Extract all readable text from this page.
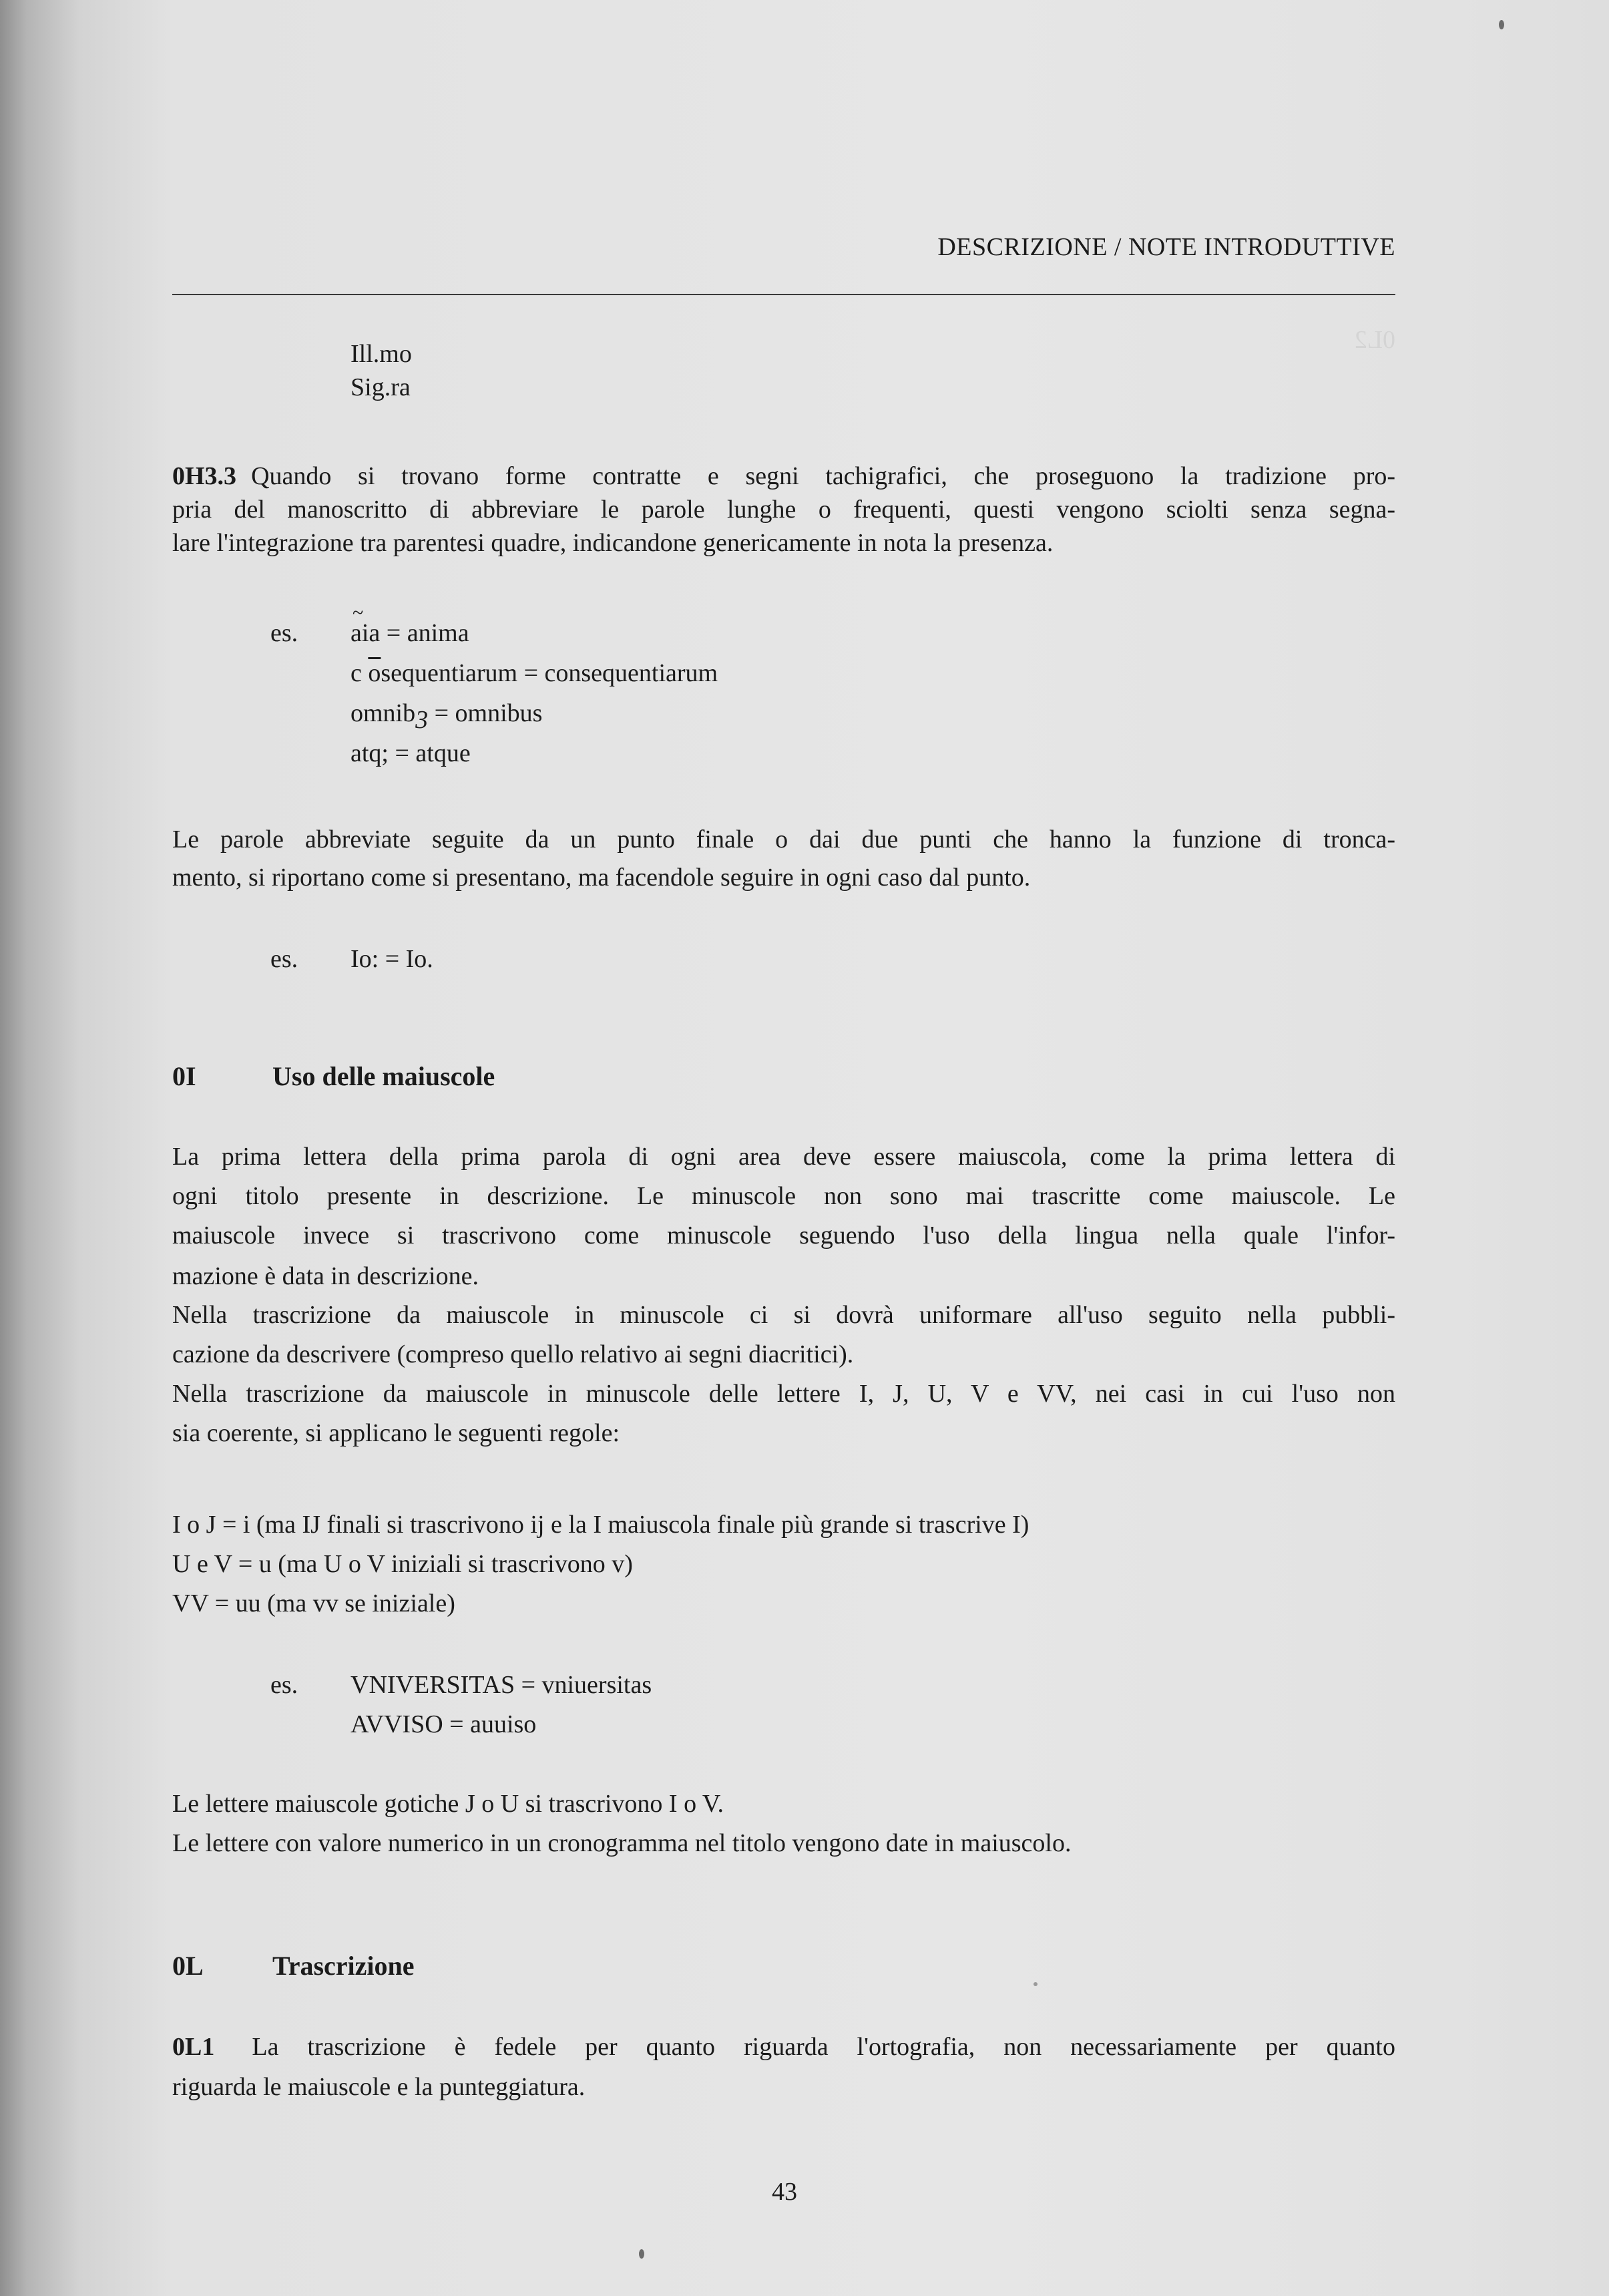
0L2
DESCRIZIONE / NOTE INTRODUTTIVE
Ill.mo
Sig.ra
0H3.3 Quando si trovano forme contratte e segni tachigrafici, che proseguono la tradizione pro-
pria del manoscritto di abbreviare le parole lunghe o frequenti, questi vengono sciolti senza segna-
lare l'integrazione tra parentesi quadre, indicandone genericamente in nota la presenza.
es.
~
aia = anima
c $\overline{o}sequentiarum$ = consequentiarum
omnib3 = omnibus
atq; = atque
Le parole abbreviate seguite da un punto finale o dai due punti che hanno la funzione di tronca-
mento, si riportano come si presentano, ma facendole seguire in ogni caso dal punto.
es. Io: = Io.
0I	Uso delle maiuscole
La prima lettera della prima parola di ogni area deve essere maiuscola, come la prima lettera di
ogni titolo presente in descrizione. Le minuscole non sono mai trascritte come maiuscole. Le
maiuscole invece si trascrivono come minuscole seguendo l'uso della lingua nella quale l'infor-
mazione è data in descrizione.
Nella trascrizione da maiuscole in minuscole ci si dovrà uniformare all'uso seguito nella pubbli-
cazione da descrivere (compreso quello relativo ai segni diacritici).
Nella trascrizione da maiuscole in minuscole delle lettere I, J, U, V e VV, nei casi in cui l'uso non
sia coerente, si applicano le seguenti regole:
I o J = i (ma IJ finali si trascrivono ij e la I maiuscola finale più grande si trascrive I)
U e V = u (ma U o V iniziali si trascrivono v)
VV = uu (ma vv se iniziale)
es. VNIVERSITAS = vniuersitas
AVVISO = auuiso
Le lettere maiuscole gotiche J o U si trascrivono I o V.
Le lettere con valore numerico in un cronogramma nel titolo vengono date in maiuscolo.
0L	Trascrizione
0L1 La trascrizione è fedele per quanto riguarda l'ortografia, non necessariamente per quanto
riguarda le maiuscole e la punteggiatura.
43
